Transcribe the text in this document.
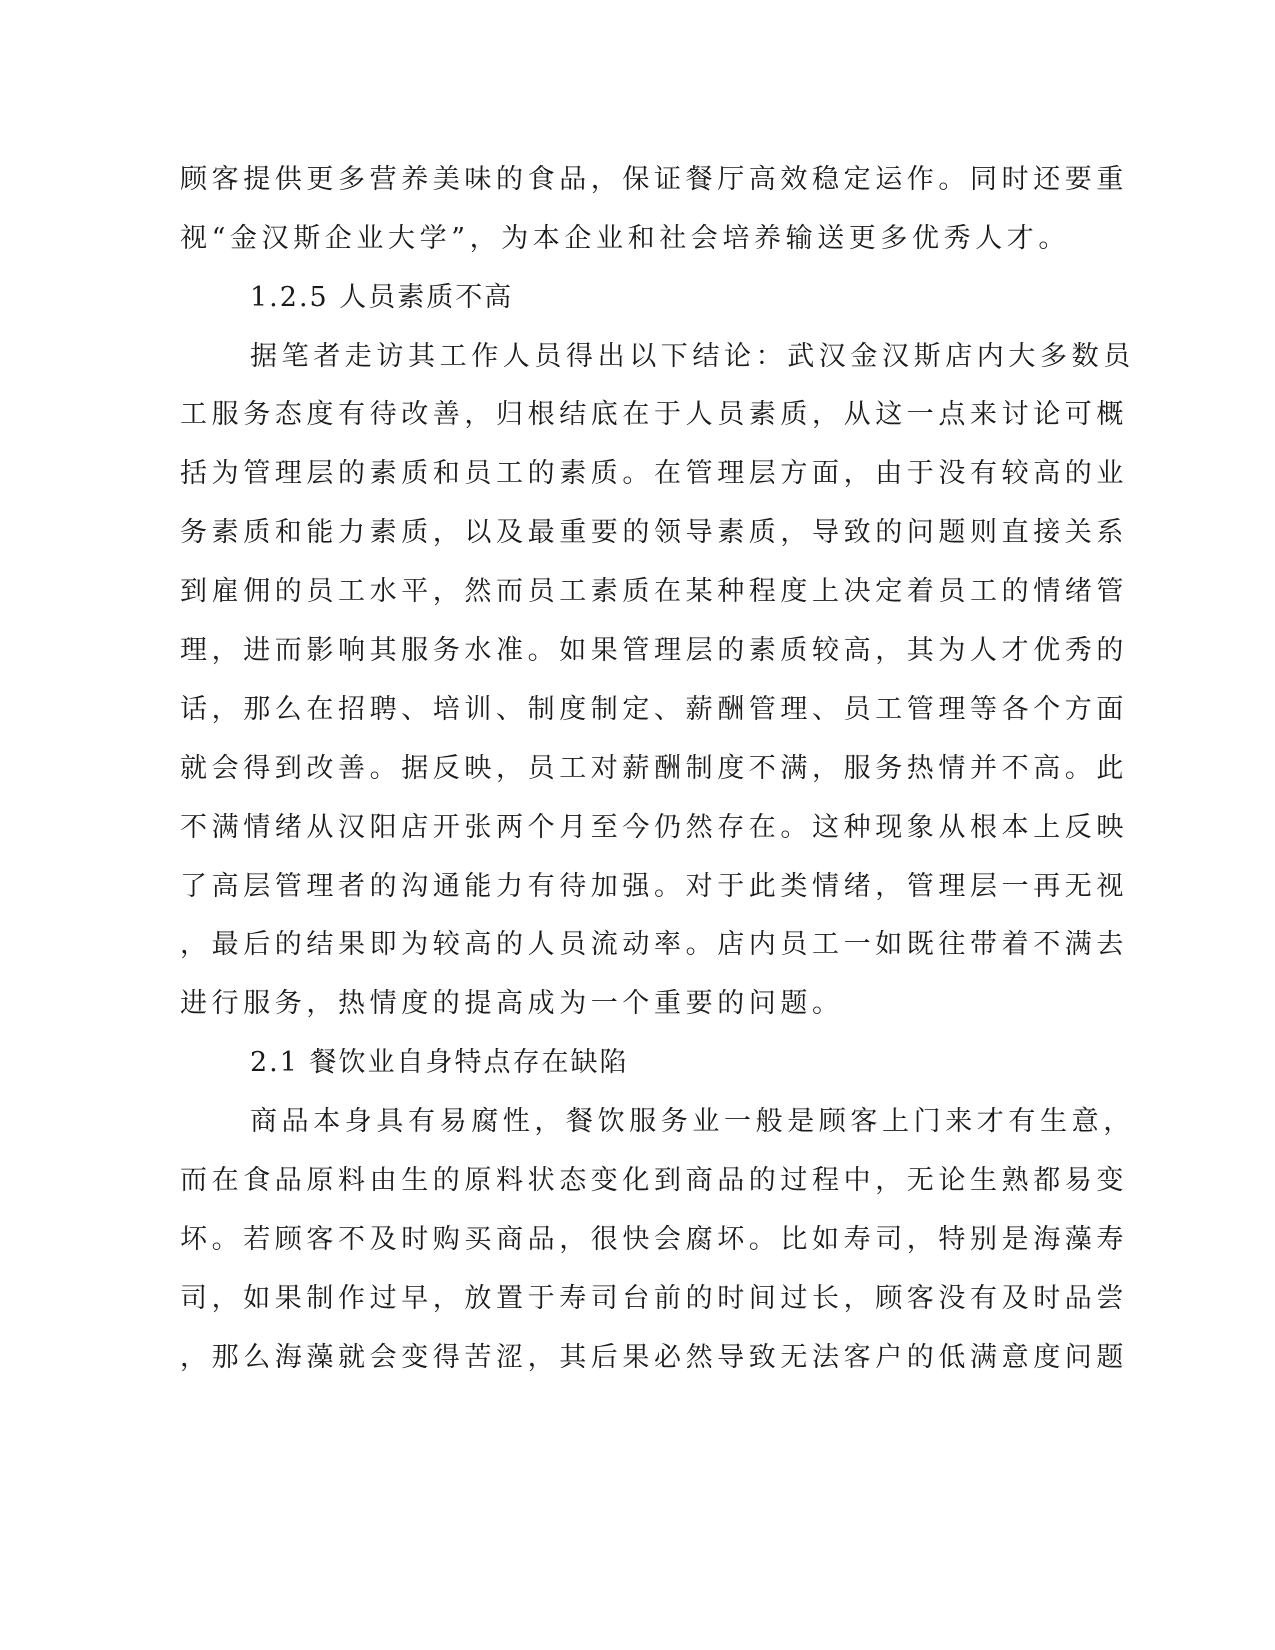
顾客提供更多营养美味的食品，保证餐厅高效稳定运作。同时还要重
视“金汉斯企业大学”，为本企业和社会培养输送更多优秀人才。
1.2.5 人员素质不高
据笔者走访其工作人员得出以下结论：武汉金汉斯店内大多数员
工服务态度有待改善，归根结底在于人员素质，从这一点来讨论可概
括为管理层的素质和员工的素质。在管理层方面，由于没有较高的业
务素质和能力素质，以及最重要的领导素质，导致的问题则直接关系
到雇佣的员工水平，然而员工素质在某种程度上决定着员工的情绪管
理，进而影响其服务水准。如果管理层的素质较高，其为人才优秀的
话，那么在招聘、培训、制度制定、薪酬管理、员工管理等各个方面
就会得到改善。据反映，员工对薪酬制度不满，服务热情并不高。此
不满情绪从汉阳店开张两个月至今仍然存在。这种现象从根本上反映
了高层管理者的沟通能力有待加强。对于此类情绪，管理层一再无视
，最后的结果即为较高的人员流动率。店内员工一如既往带着不满去
进行服务，热情度的提高成为一个重要的问题。
2.1 餐饮业自身特点存在缺陷
商品本身具有易腐性，餐饮服务业一般是顾客上门来才有生意，
而在食品原料由生的原料状态变化到商品的过程中，无论生熟都易变
坏。若顾客不及时购买商品，很快会腐坏。比如寿司，特别是海藻寿
司，如果制作过早，放置于寿司台前的时间过长，顾客没有及时品尝
，那么海藻就会变得苦涩，其后果必然导致无法客户的低满意度问题
